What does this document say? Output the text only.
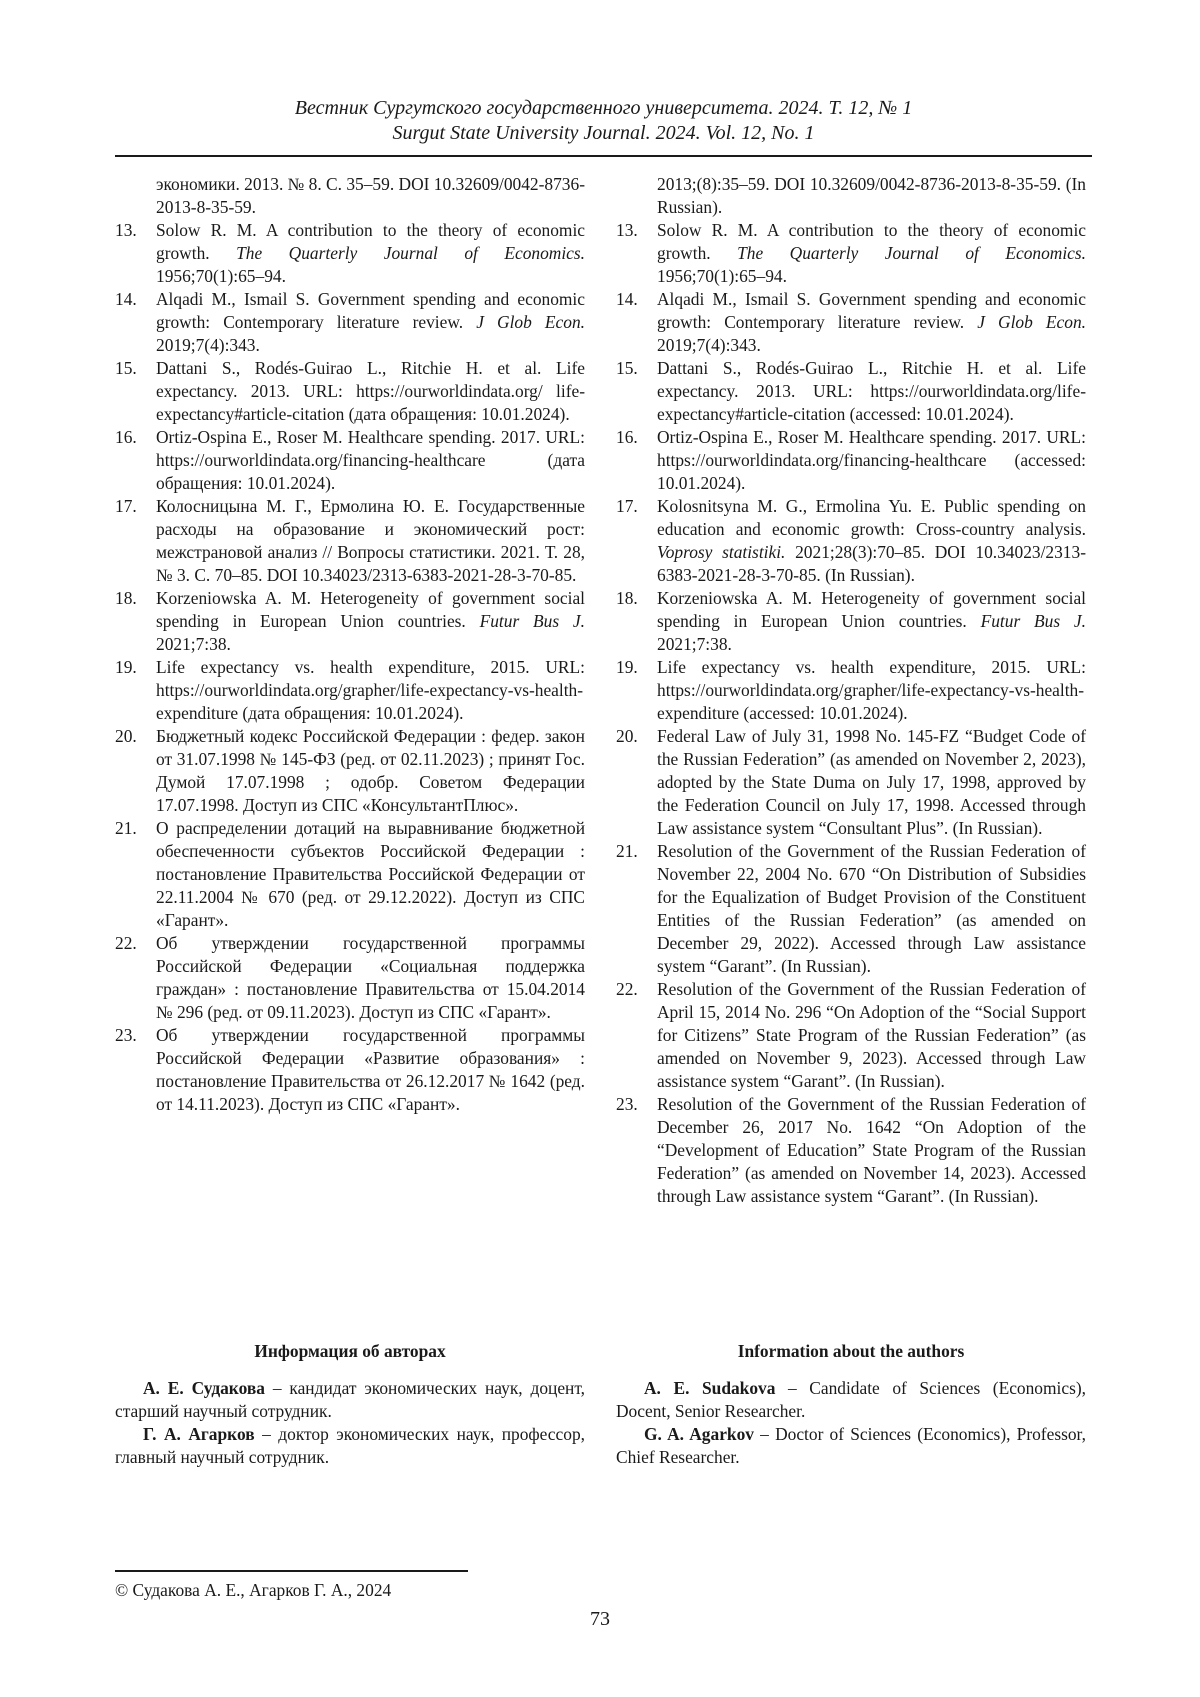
Вестник Сургутского государственного университета. 2024. Т. 12, № 1
Surgut State University Journal. 2024. Vol. 12, No. 1
экономики. 2013. № 8. С. 35–59. DOI 10.32609/0042-8736-2013-8-35-59.
13. Solow R. M. A contribution to the theory of economic growth. The Quarterly Journal of Economics. 1956;70(1):65–94.
14. Alqadi M., Ismail S. Government spending and economic growth: Contemporary literature review. J Glob Econ. 2019;7(4):343.
15. Dattani S., Rodés-Guirao L., Ritchie H. et al. Life expectancy. 2013. URL: https://ourworldindata.org/ life-expectancy#article-citation (дата обращения: 10.01.2024).
16. Ortiz-Ospina E., Roser M. Healthcare spending. 2017. URL: https://ourworldindata.org/financing-healthcare (дата обращения: 10.01.2024).
17. Колосницына М. Г., Ермолина Ю. Е. Государственные расходы на образование и экономический рост: межстрановой анализ // Вопросы статистики. 2021. Т. 28, № 3. С. 70–85. DOI 10.34023/2313-6383-2021-28-3-70-85.
18. Korzeniowska A. M. Heterogeneity of government social spending in European Union countries. Futur Bus J. 2021;7:38.
19. Life expectancy vs. health expenditure, 2015. URL: https://ourworldindata.org/grapher/life-expectancy-vs-health-expenditure (дата обращения: 10.01.2024).
20. Бюджетный кодекс Российской Федерации : федер. закон от 31.07.1998 № 145-ФЗ (ред. от 02.11.2023) ; принят Гос. Думой 17.07.1998 ; одобр. Советом Федерации 17.07.1998. Доступ из СПС «КонсультантПлюс».
21. О распределении дотаций на выравнивание бюджетной обеспеченности субъектов Российской Федерации : постановление Правительства Российской Федерации от 22.11.2004 № 670 (ред. от 29.12.2022). Доступ из СПС «Гарант».
22. Об утверждении государственной программы Российской Федерации «Социальная поддержка граждан» : постановление Правительства от 15.04.2014 № 296 (ред. от 09.11.2023). Доступ из СПС «Гарант».
23. Об утверждении государственной программы Российской Федерации «Развитие образования» : постановление Правительства от 26.12.2017 № 1642 (ред. от 14.11.2023). Доступ из СПС «Гарант».
2013;(8):35–59. DOI 10.32609/0042-8736-2013-8-35-59. (In Russian).
13. Solow R. M. A contribution to the theory of economic growth. The Quarterly Journal of Economics. 1956;70(1):65–94.
14. Alqadi M., Ismail S. Government spending and economic growth: Contemporary literature review. J Glob Econ. 2019;7(4):343.
15. Dattani S., Rodés-Guirao L., Ritchie H. et al. Life expectancy. 2013. URL: https://ourworldindata.org/life-expectancy#article-citation (accessed: 10.01.2024).
16. Ortiz-Ospina E., Roser M. Healthcare spending. 2017. URL: https://ourworldindata.org/financing-healthcare (accessed: 10.01.2024).
17. Kolosnitsyna M. G., Ermolina Yu. E. Public spending on education and economic growth: Cross-country analysis. Voprosy statistiki. 2021;28(3):70–85. DOI 10.34023/2313-6383-2021-28-3-70-85. (In Russian).
18. Korzeniowska A. M. Heterogeneity of government social spending in European Union countries. Futur Bus J. 2021;7:38.
19. Life expectancy vs. health expenditure, 2015. URL: https://ourworldindata.org/grapher/life-expectancy-vs-health-expenditure (accessed: 10.01.2024).
20. Federal Law of July 31, 1998 No. 145-FZ “Budget Code of the Russian Federation” (as amended on November 2, 2023), adopted by the State Duma on July 17, 1998, approved by the Federation Council on July 17, 1998. Accessed through Law assistance system “Consultant Plus”. (In Russian).
21. Resolution of the Government of the Russian Federation of November 22, 2004 No. 670 “On Distribution of Subsidies for the Equalization of Budget Provision of the Constituent Entities of the Russian Federation” (as amended on December 29, 2022). Accessed through Law assistance system “Garant”. (In Russian).
22. Resolution of the Government of the Russian Federation of April 15, 2014 No. 296 “On Adoption of the “Social Support for Citizens” State Program of the Russian Federation” (as amended on November 9, 2023). Accessed through Law assistance system “Garant”. (In Russian).
23. Resolution of the Government of the Russian Federation of December 26, 2017 No. 1642 “On Adoption of the “Development of Education” State Program of the Russian Federation” (as amended on November 14, 2023). Accessed through Law assistance system “Garant”. (In Russian).
Информация об авторах

А. Е. Судакова – кандидат экономических наук, доцент, старший научный сотрудник.

Г. А. Агарков – доктор экономических наук, профессор, главный научный сотрудник.

Information about the authors

A. E. Sudakova – Candidate of Sciences (Economics), Docent, Senior Researcher.

G. A. Agarkov – Doctor of Sciences (Economics), Professor, Chief Researcher.

© Судакова А. Е., Агарков Г. А., 2024
73
